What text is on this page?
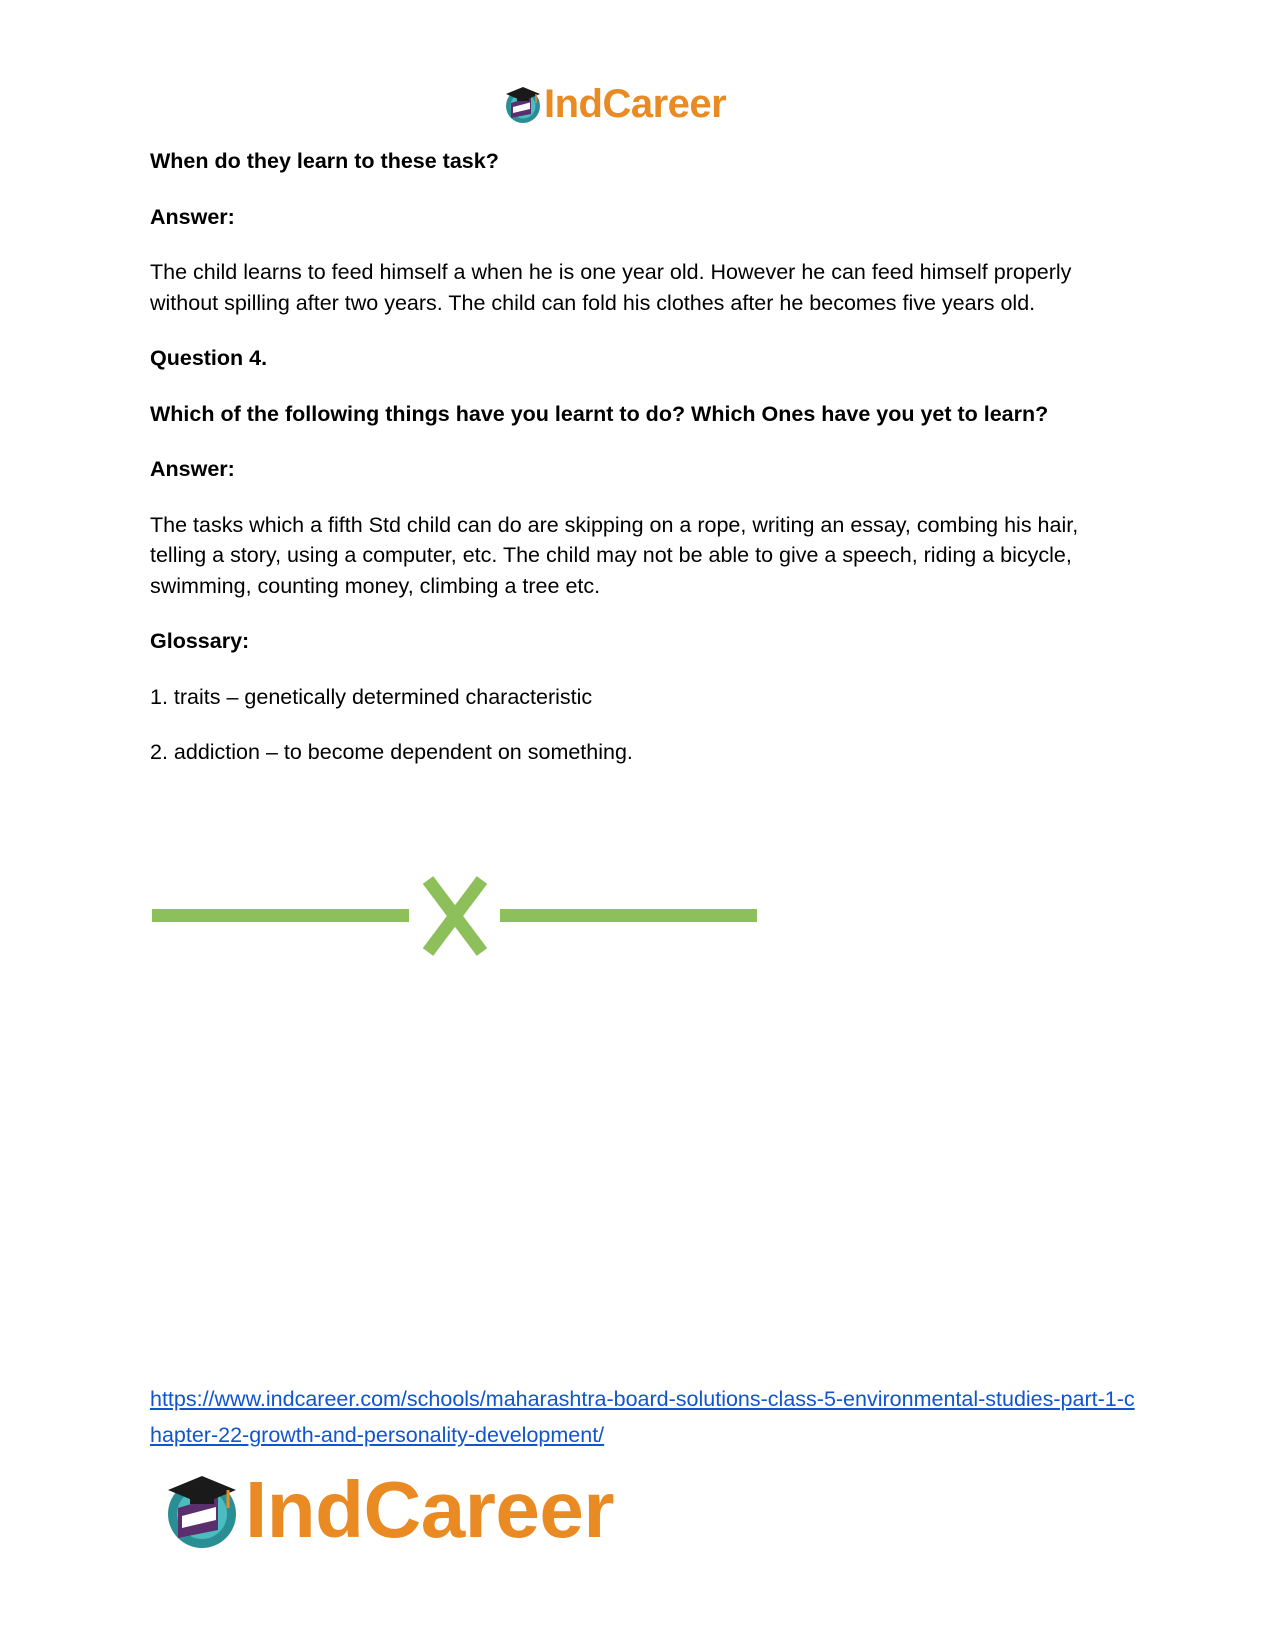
IndCareer

When do they learn to these task?

Answer:

The child learns to feed himself a when he is one year old. However he can feed himself properly without spilling after two years. The child can fold his clothes after he becomes five years old.

Question 4.

Which of the following things have you learnt to do? Which Ones have you yet to learn?

Answer:

The tasks which a fifth Std child can do are skipping on a rope, writing an essay, combing his hair, telling a story, using a computer, etc. The child may not be able to give a speech, riding a bicycle, swimming, counting money, climbing a tree etc.

Glossary:

1. traits – genetically determined characteristic

2. addiction – to become dependent on something.

https://www.indcareer.com/schools/maharashtra-board-solutions-class-5-environmental-studies-part-1-chapter-22-growth-and-personality-development/
IndCareer
